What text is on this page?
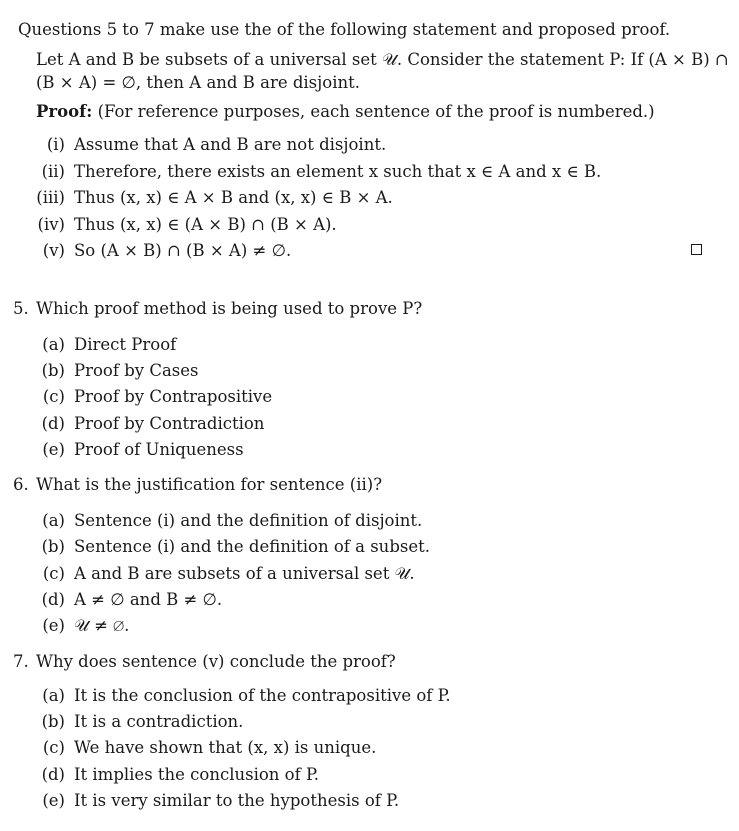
Questions 5 to 7 make use the of the following statement and proposed proof.
Let A and B be subsets of a universal set 𝒰. Consider the statement P: If (A × B) ∩
(B × A) = ∅, then A and B are disjoint.
Proof: (For reference purposes, each sentence of the proof is numbered.)
(i) Assume that A and B are not disjoint.
(ii) Therefore, there exists an element x such that x ∈ A and x ∈ B.
(iii) Thus (x, x) ∈ A × B and (x, x) ∈ B × A.
(iv) Thus (x, x) ∈ (A × B) ∩ (B × A).
(v) So (A × B) ∩ (B × A) ≠ ∅.
5. Which proof method is being used to prove P?
(a) Direct Proof
(b) Proof by Cases
(c) Proof by Contrapositive
(d) Proof by Contradiction
(e) Proof of Uniqueness
6. What is the justification for sentence (ii)?
(a) Sentence (i) and the definition of disjoint.
(b) Sentence (i) and the definition of a subset.
(c) A and B are subsets of a universal set 𝒰.
(d) A ≠ ∅ and B ≠ ∅.
(e) 𝒰 ≠ ∅.
7. Why does sentence (v) conclude the proof?
(a) It is the conclusion of the contrapositive of P.
(b) It is a contradiction.
(c) We have shown that (x, x) is unique.
(d) It implies the conclusion of P.
(e) It is very similar to the hypothesis of P.
